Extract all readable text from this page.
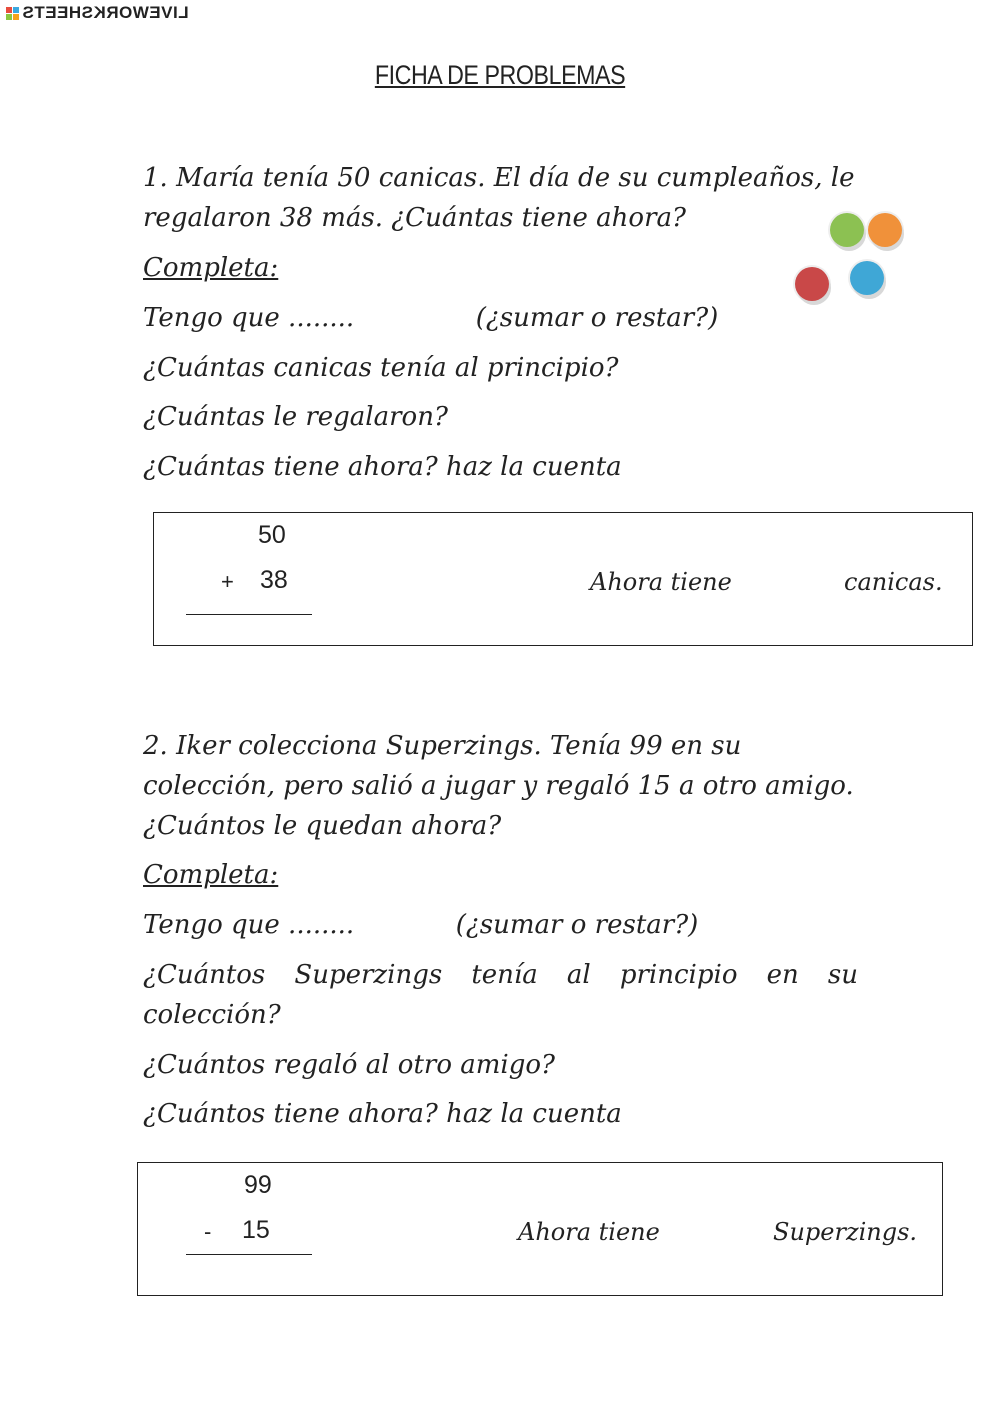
LIVEWORKSHEETS
FICHA DE PROBLEMAS
1. María tenía 50 canicas. El día de su cumpleaños, le regalaron 38 más. ¿Cuántas tiene ahora?
Completa:
Tengo que ........	(¿sumar o restar?)
¿Cuántas canicas tenía al principio?
¿Cuántas le regalaron?
¿Cuántas tiene ahora? haz la cuenta
50
+ 38	Ahora tiene	canicas.
2. Iker colecciona Superzings. Tenía 99 en su colección, pero salió a jugar y regaló 15 a otro amigo. ¿Cuántos le quedan ahora?
Completa:
Tengo que ........	(¿sumar o restar?)
¿Cuántos Superzings tenía al principio en su colección?
¿Cuántos regaló al otro amigo?
¿Cuántos tiene ahora? haz la cuenta
99
- 15	Ahora tiene	Superzings.
